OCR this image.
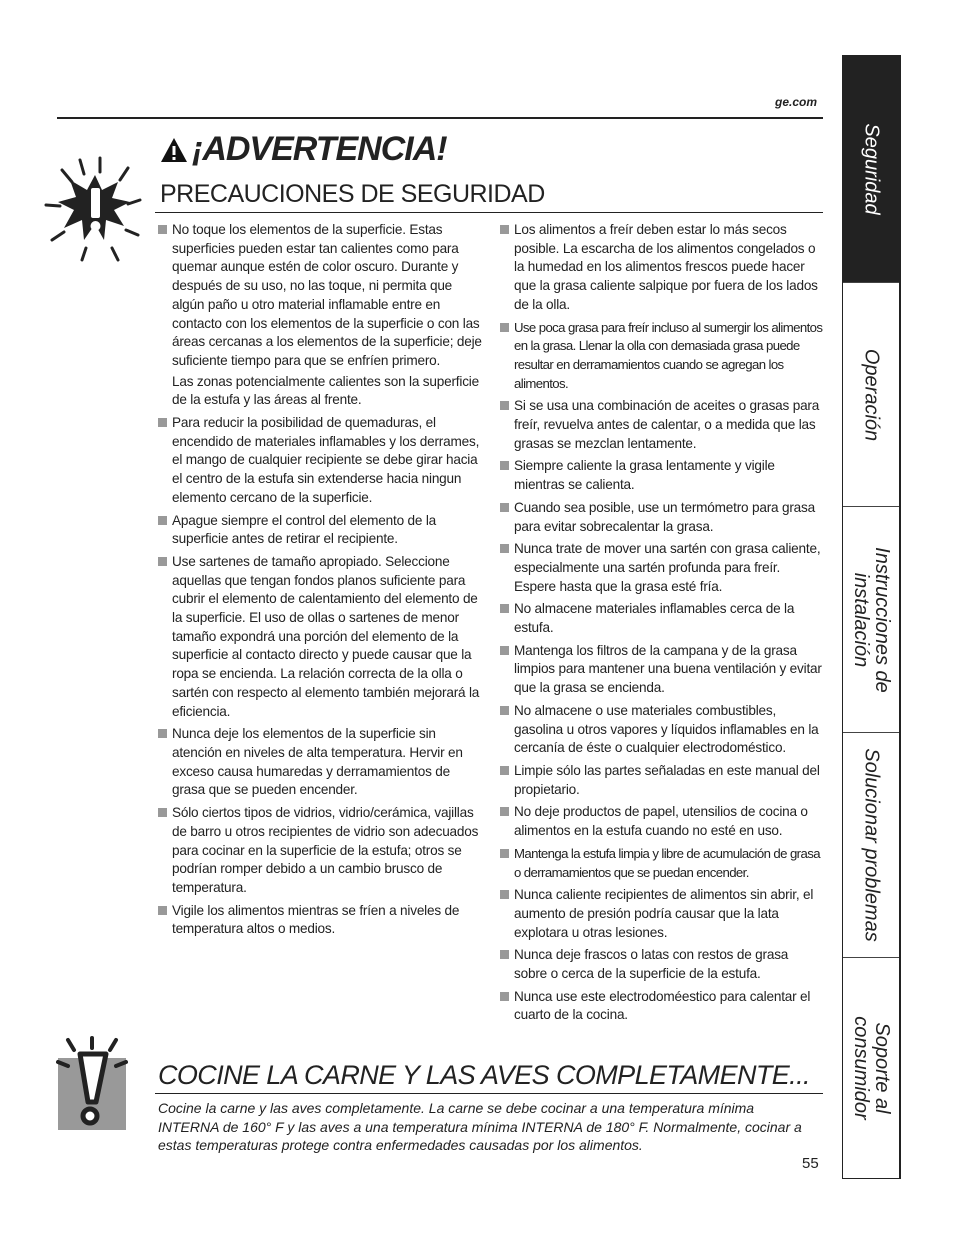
ge.com
¡ADVERTENCIA!
PRECAUCIONES DE SEGURIDAD
No toque los elementos de la superficie. Estas superficies pueden estar tan calientes como para quemar aunque estén de color oscuro. Durante y después de su uso, no las toque, ni permita que algún paño u otro material inflamable entre en contacto con los elementos de la superficie o con las áreas cercanas a los elementos de la superficie; deje suficiente tiempo para que se enfríen primero.
Las zonas potencialmente calientes son la superficie de la estufa y las áreas al frente.
Para reducir la posibilidad de quemaduras, el encendido de materiales inflamables y los derrames, el mango de cualquier recipiente se debe girar hacia el centro de la estufa sin extenderse hacia ningun elemento cercano de la superficie.
Apague siempre el control del elemento de la superficie antes de retirar el recipiente.
Use sartenes de tamaño apropiado. Seleccione aquellas que tengan fondos planos suficiente para cubrir el elemento de calentamiento del elemento de la superficie. El uso de ollas o sartenes de menor tamaño expondrá una porción del elemento de la superficie al contacto directo y puede causar que la ropa se encienda. La relación correcta de la olla o sartén con respecto al elemento también mejorará la eficiencia.
Nunca deje los elementos de la superficie sin atención en niveles de alta temperatura. Hervir en exceso causa humaredas y derramamientos de grasa que se pueden encender.
Sólo ciertos tipos de vidrios, vidrio/cerámica, vajillas de barro u otros recipientes de vidrio son adecuados para cocinar en la superficie de la estufa; otros se podrían romper debido a un cambio brusco de temperatura.
Vigile los alimentos mientras se fríen a niveles de temperatura altos o medios.
Los alimentos a freír deben estar lo más secos posible. La escarcha de los alimentos congelados o la humedad en los alimentos frescos puede hacer que la grasa caliente salpique por fuera de los lados de la olla.
Use poca grasa para freír incluso al sumergir los alimentos en la grasa. Llenar la olla con demasiada grasa puede resultar en derramamientos cuando se agregan los alimentos.
Si se usa una combinación de aceites o grasas para freír, revuelva antes de calentar, o a medida que las grasas se mezclan lentamente.
Siempre caliente la grasa lentamente y vigile mientras se calienta.
Cuando sea posible, use un termómetro para grasa para evitar sobrecalentar la grasa.
Nunca trate de mover una sartén con grasa caliente, especialmente una sartén profunda para freír. Espere hasta que la grasa esté fría.
No almacene materiales inflamables cerca de la estufa.
Mantenga los filtros de la campana y de la grasa limpios para mantener una buena ventilación y evitar que la grasa se encienda.
No almacene o use materiales combustibles, gasolina u otros vapores y líquidos inflamables en la cercanía de éste o cualquier electrodoméstico.
Limpie sólo las partes señaladas en este manual del propietario.
No deje productos de papel, utensilios de cocina o alimentos en la estufa cuando no esté en uso.
Mantenga la estufa limpia y libre de acumulación de grasa o derramamientos que se puedan encender.
Nunca caliente recipientes de alimentos sin abrir, el aumento de presión podría causar que la lata explotara u otras lesiones.
Nunca deje frascos o latas con restos de grasa sobre o cerca de la superficie de la estufa.
Nunca use este electrodoméestico para calentar el cuarto de la cocina.
COCINE LA CARNE Y LAS AVES COMPLETAMENTE...
Cocine la carne y las aves completamente. La carne se debe cocinar a una temperatura mínima INTERNA de 160° F y las aves a una temperatura mínima INTERNA de 180° F. Normalmente, cocinar a estas temperaturas protege contra enfermedades causadas por los alimentos.
55
Seguridad
Operación
Instrucciones de instalación
Solucionar problemas
Soporte al consumidor
